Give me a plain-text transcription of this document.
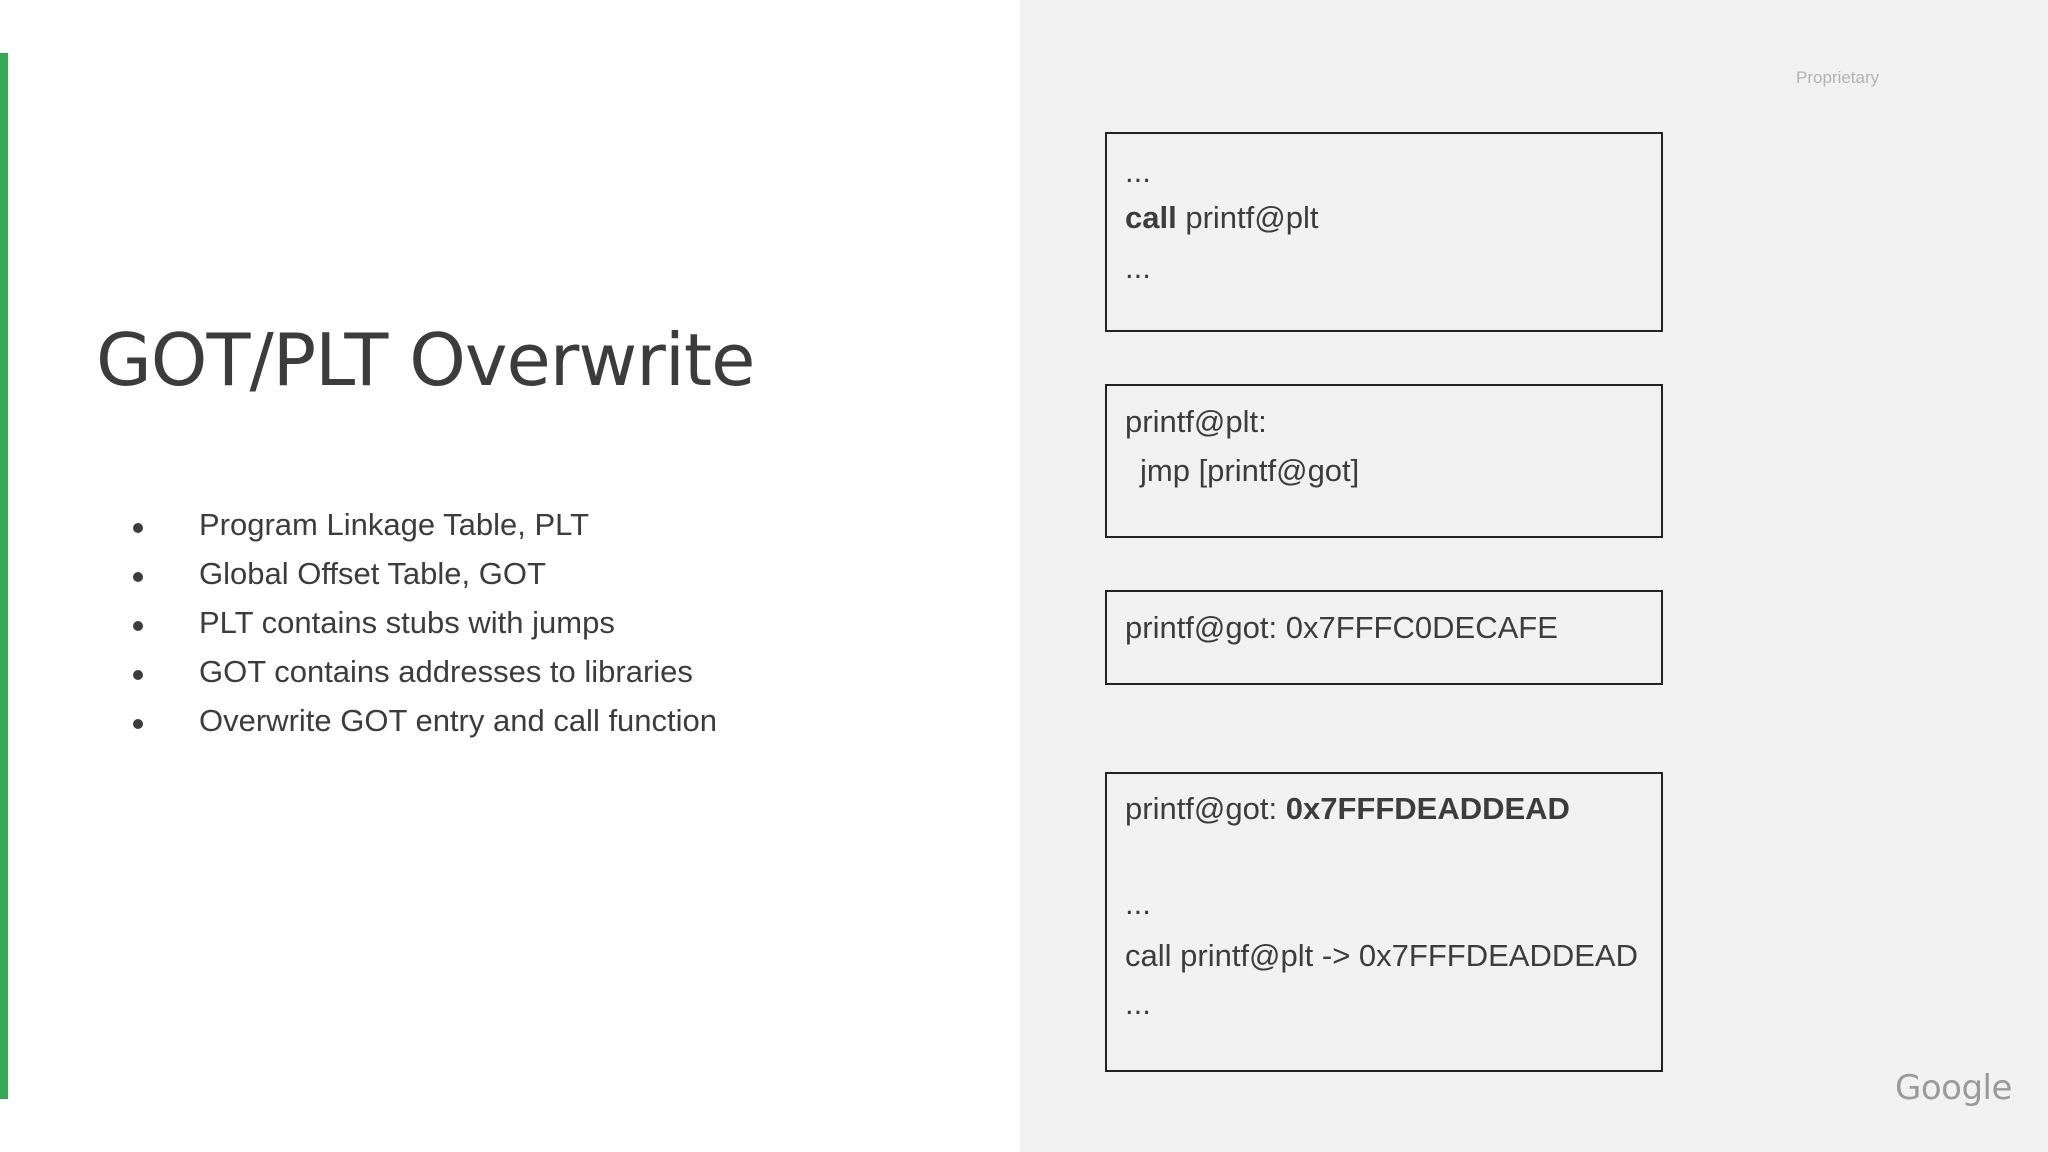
GOT/PLT Overwrite
Program Linkage Table, PLT
Global Offset Table, GOT
PLT contains stubs with jumps
GOT contains addresses to libraries
Overwrite GOT entry and call function
Proprietary
...
call printf@plt
...
printf@plt:
jmp [printf@got]
printf@got: 0x7FFFC0DECAFE
printf@got: 0x7FFFDEADDEAD
...
call printf@plt -> 0x7FFFDEADDEAD
...
Google
